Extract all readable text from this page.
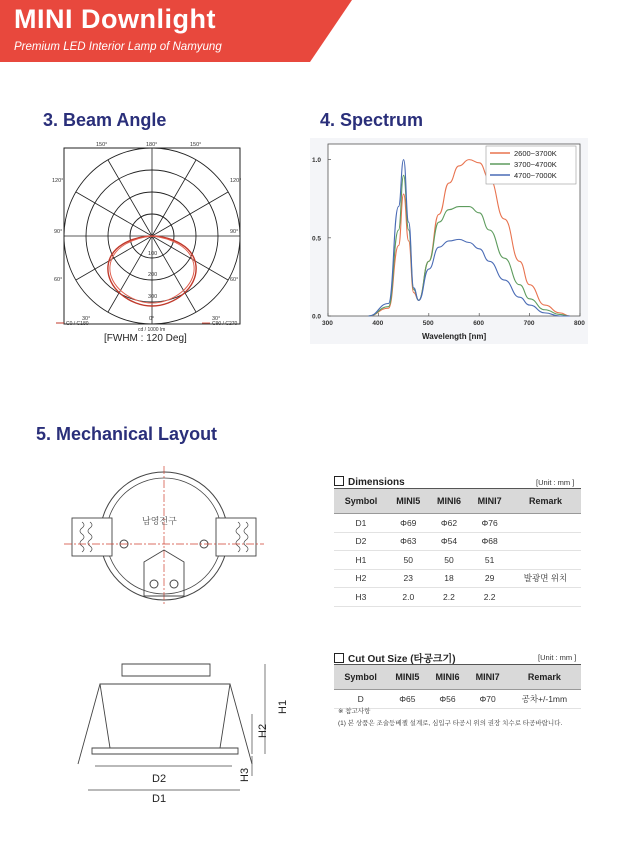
MINI Downlight
Premium LED Interior Lamp of Namyung
3. Beam Angle
150°	180°	150°
120°	120°
90°	90°
60°	60°
30°	0°	30°
100
200
300
C0 / C180	C90 / C270
cd / 1000 lm
[FWHM : 120 Deg]
4. Spectrum
300	400	500	600	700	800
0.0
0.5
1.0
2600~3700K
3700~4700K
4700~7000K
Wavelength [nm]
5. Mechanical Layout
남영전구
D2
D1
H1
H2
H3
Dimensions	[Unit : mm ]
Symbol	MINI5	MINI6	MINI7	Remark
D1	Φ69	Φ62	Φ76	
D2	Φ63	Φ54	Φ68	
H1	50	50	51	
H2	23	18	29	발광면 위치
H3	2.0	2.2	2.2	
Cut Out Size (타공크기)	[Unit : mm ]
Symbol	MINI5	MINI6	MINI7	Remark
D	Φ65	Φ56	Φ70	공차+/-1mm
※ 참고사항
(1) 본 상품은 조술등베젤 설계로, 심입구 타공시 위의 권장 치수로 타공바랍니다.
